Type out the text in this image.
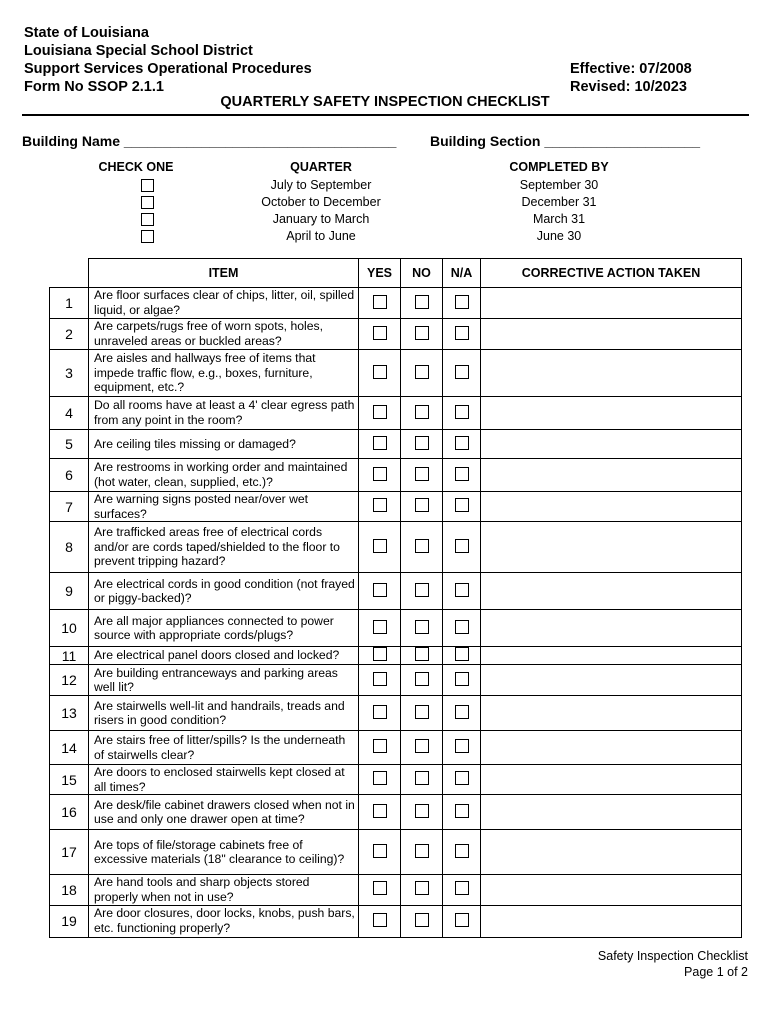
State of Louisiana
Louisiana Special School District
Support Services Operational Procedures
Form No SSOP 2.1.1
Effective: 07/2008
Revised: 10/2023
QUARTERLY SAFETY INSPECTION CHECKLIST
Building Name ___________________________________ Building Section ____________________
CHECK ONE	QUARTER	COMPLETED BY
July to September	September 30
October to December	December 31
January to March	March 31
April to June	June 30
	ITEM	YES	NO	N/A	CORRECTIVE ACTION TAKEN
1	Are floor surfaces clear of chips, litter, oil, spilled liquid, or algae?				
2	Are carpets/rugs free of worn spots, holes, unraveled areas or buckled areas?				
3	Are aisles and hallways free of items that impede traffic flow, e.g., boxes, furniture, equipment, etc.?				
4	Do all rooms have at least a 4' clear egress path from any point in the room?				
5	Are ceiling tiles missing or damaged?				
6	Are restrooms in working order and maintained (hot water, clean, supplied, etc.)?				
7	Are warning signs posted near/over wet surfaces?				
8	Are trafficked areas free of electrical cords and/or are cords taped/shielded to the floor to prevent tripping hazard?				
9	Are electrical cords in good condition (not frayed or piggy-backed)?				
10	Are all major appliances connected to power source with appropriate cords/plugs?				
11	Are electrical panel doors closed and locked?				
12	Are building entranceways and parking areas well lit?				
13	Are stairwells well-lit and handrails, treads and risers in good condition?				
14	Are stairs free of litter/spills? Is the underneath of stairwells clear?				
15	Are doors to enclosed stairwells kept closed at all times?				
16	Are desk/file cabinet drawers closed when not in use and only one drawer open at time?				
17	Are tops of file/storage cabinets free of excessive materials (18" clearance to ceiling)?				
18	Are hand tools and sharp objects stored properly when not in use?				
19	Are door closures, door locks, knobs, push bars, etc. functioning properly?				
Safety Inspection Checklist
Page 1 of 2
